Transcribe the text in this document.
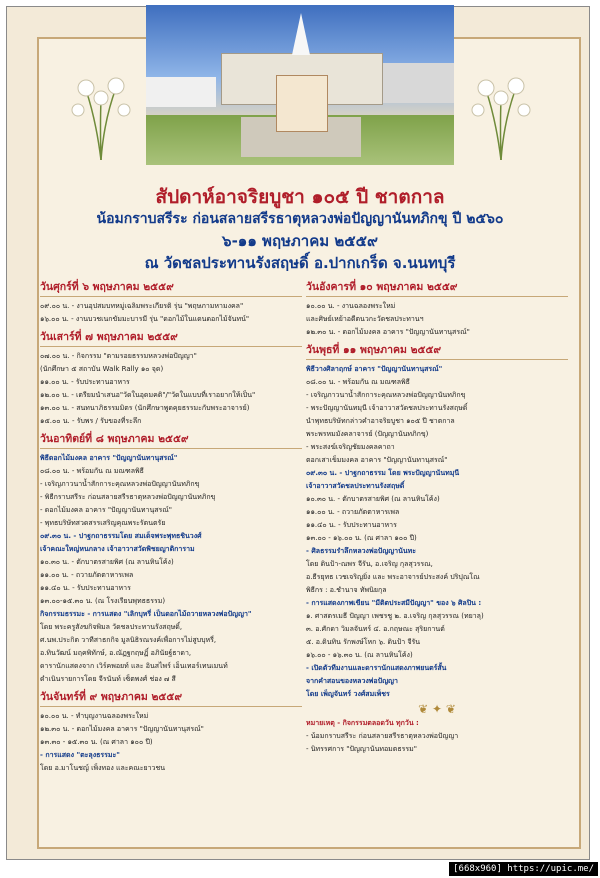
สัปดาห์อาจริยบูชา ๑๐๕ ปี ชาตกาล
น้อมกราบสรีระ ก่อนสลายสรีรธาตุหลวงพ่อปัญญานันทภิกขุ ปี ๒๕๖๐
๖-๑๑ พฤษภาคม ๒๕๕๙
ณ วัดชลประทานรังสฤษดิ์ อ.ปากเกร็ด จ.นนทบุรี
วันศุกร์ที่ ๖ พฤษภาคม ๒๕๕๙
๐๙.๐๐ น. - งานอุปสมบทหมู่เฉลิมพระเกียรติ รุ่น "พฤษภามหามงคล"
๑๖.๐๐ น. - งานบวชเนกขัมมะบารมี รุ่น "ดอกไม้ในแดนดอกไม้จันทน์"
วันเสาร์ที่ ๗ พฤษภาคม ๒๕๕๙
๐๗.๐๐ น. - กิจกรรม "ตามรอยธรรมหลวงพ่อปัญญา"
(นักศึกษา ๕ สถาบัน Walk Rally ๑๐ จุด)
๑๑.๐๐ น. - รับประทานอาหาร
๑๒.๐๐ น. - เตรียมนำเสนอ"วัดในอุดมคติ"/"วัดในแบบที่เราอยากให้เป็น"
๑๓.๐๐ น. - สนทนาภิธรรมมิตร (นักศึกษาพูดคุยธรรมะกับพระอาจารย์)
๑๕.๐๐ น. - รับพร / รับของที่ระลึก
วันอาทิตย์ที่ ๘ พฤษภาคม ๒๕๕๙
พิธีดอกไม้มงคล อาคาร "ปัญญานันทานุสรณ์"
๐๘.๐๐ น. - พร้อมกัน ณ มณฑลพิธี
- เจริญภาวนาน้ำสักการะคุณหลวงพ่อปัญญานันทภิกขุ
- พิธีกราบสรีระ ก่อนสลายสรีรธาตุหลวงพ่อปัญญานันทภิกขุ
- ดอกไม้มงคล อาคาร "ปัญญานันทานุสรณ์"
- พุทธบริษัทสวดสรรเสริญคุณพระรัตนตรัย
๐๙.๓๐ น. - ปาฐกถาธรรมโดย สมเด็จพระพุทธชินวงศ์
เจ้าคณะใหญ่หนกลาง เจ้าอาวาสวัดพิชยญาติการาม
๑๐.๓๐ น. - ตักบาตรสายพิศ (ณ ลานหินโค้ง)
๑๑.๐๐ น. - ถวายภัตตาหารเพล
๑๑.๔๐ น. - รับประทานอาหาร
๑๓.๐๐-๑๕.๓๐ น. (ณ โรงเรียนพุทธธรรม)
กิจกรรมธรรมะ - การแสดง "เลิกบุหรี่ เป็นดอกไม้ถวายหลวงพ่อปัญญา"
โดย พระครูสังฆกิจพิมล วัดชลประทานรังสฤษดิ์,
ศ.นพ.ประกิต วาทีสาธกกิจ มูลนิธิรณรงค์เพื่อการไม่สูบบุหรี่,
อ.ทินวัฒน์ มฤคพิทักษ์, อ.ณัฏฐกฤษฏิ์ อภินัยฐ์ธาดา,
ดารานักแสดงจาก เวิร์คพอยท์ และ อินสไพร์ เอ็นเทอร์เทนเมนท์
ดำเนินรายการโดย จีรนันท์ เซ็ตพงศ์ ช่อง ๗ สี
วันจันทร์ที่ ๙ พฤษภาคม ๒๕๕๙
๑๐.๐๐ น. - ทำบุญงานฉลองพระใหม่
๑๒.๓๐ น. - ดอกไม้มงคล อาคาร "ปัญญานันทานุสรณ์"
๑๓.๓๐ - ๑๕.๓๐ น. (ณ ศาลา ๑๐๐ ปี)
- การแสดง "ตะลุงธรรมะ"
โดย อ.มาโนชญ์ เพ็งทอง และคณะยาวชน
วันอังคารที่ ๑๐ พฤษภาคม ๒๕๕๙
๑๐.๐๐ น. - งานฉลองพระใหม่
และศิษย์เหย้าอดีตนวกะวัดชลประทานฯ
๑๒.๓๐ น. - ดอกไม้มงคล อาคาร "ปัญญานันทานุสรณ์"
วันพุธที่ ๑๑ พฤษภาคม ๒๕๕๙
พิธีวางศิลาฤกษ์ อาคาร "ปัญญานันทานุสรณ์"
๐๘.๐๐ น. - พร้อมกัน ณ มณฑลพิธี
- เจริญภาวนาน้ำสักการะคุณหลวงพ่อปัญญานันทภิกขุ
- พระปัญญานันทมุนี เจ้าอาวาสวัดชลประทานรังสฤษดิ์
นำพุทธบริษัทกล่าวคำอาจริยบูชา ๑๐๕ ปี ชาตกาล
พระพรหมมังคลาจารย์ (ปัญญานันทภิกขุ)
- พระสงฆ์เจริญชัยมงคลคาถา
ตอกเสาเข็มมงคล อาคาร "ปัญญานันทานุสรณ์"
๐๙.๓๐ น. - ปาฐกถาธรรม โดย พระปัญญานันทมุนี
เจ้าอาวาสวัดชลประทานรังสฤษดิ์
๑๐.๓๐ น. - ตักบาตรสายพิศ (ณ ลานหินโค้ง)
๑๑.๐๐ น. - ถวายภัตตาหารเพล
๑๑.๔๐ น. - รับประทานอาหาร
๑๓.๐๐ - ๑๖.๐๐ น. (ณ ศาลา ๑๐๐ ปี)
- ศิลธรรมรำลึกหลวงพ่อปัญญานันทะ
โดย ดินป้า-ณพร จีรัน, อ.เจริญ กุลสุวรรณ,
อ.ธีรยุทธ เวชเจริญยิ่ง และ พระอาจารย์ประสงค์ ปริปุณโณ
พิธีกร : อ.ชำนาจ ทัพนิยกุล
- การแสดงภาพเขียน "มีติตประสมีปัญญา" ของ ๖ ศิลปิน :
๑. ศาสตรเมธี ปัญญา เพชรชู ๒. อ.เจริญ กุลสุวรรณ (ทยาลุ)
๓. อ.ศักดา วิมลจันทร์ ๔. อ.กฤษณะ สุริยกานต์
๕. อ.ดินทิน รักพงษ์โหก ๖. ดินป้า จีรัน
๑๖.๐๐ - ๑๖.๓๐ น. (ณ ลานหินโค้ง)
- เปิดตัวทีมงานและดารานักแสดงภาพยนตร์สั้น
จากคำสอนของหลวงพ่อปัญญา
โดย เพ็ญจันทร์ วงศ์สมเพ็ชร
❦ ✦ ❦
หมายเหตุ - กิจกรรมตลอดวัน ทุกวัน :
- น้อมกราบสรีระ ก่อนสลายสรีรธาตุหลวงพ่อปัญญา
- นิทรรศการ "ปัญญานันทอมตธรรม"
[668x960] https://upic.me/
